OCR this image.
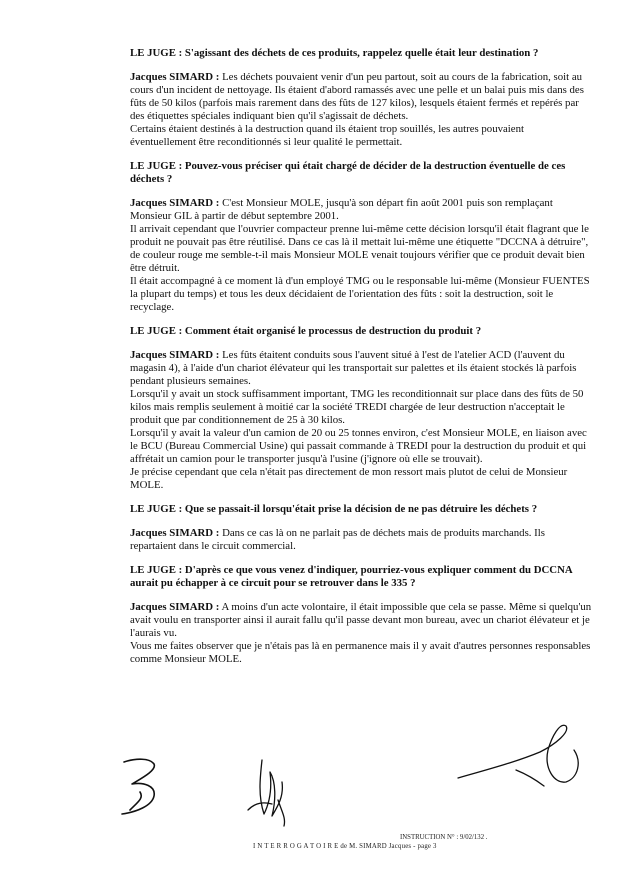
LE JUGE : S'agissant des déchets de ces produits, rappelez quelle était leur destination ?

Jacques SIMARD : Les déchets pouvaient venir d'un peu partout, soit au cours de la fabrication, soit au cours d'un incident de nettoyage. Ils étaient d'abord ramassés avec une pelle et un balai puis mis dans des fûts de 50 kilos (parfois mais rarement dans des fûts de 127 kilos), lesquels étaient fermés et repérés par des étiquettes spéciales indiquant bien qu'il s'agissait de déchets.

Certains étaient destinés à la destruction quand ils étaient trop souillés, les autres pouvaient éventuellement être reconditionnés si leur qualité le permettait.

LE JUGE : Pouvez-vous préciser qui était chargé de décider de la destruction éventuelle de ces déchets ?

Jacques SIMARD : C'est Monsieur MOLE, jusqu'à son départ fin août 2001 puis son remplaçant Monsieur GIL à partir de début septembre 2001.

Il arrivait cependant que l'ouvrier compacteur prenne lui-même cette décision lorsqu'il était flagrant que le produit ne pouvait pas être réutilisé. Dans ce cas là il mettait lui-même une étiquette "DCCNA à détruire", de couleur rouge me semble-t-il mais Monsieur MOLE venait toujours vérifier que ce produit devait bien être détruit.

Il était accompagné à ce moment là d'un employé TMG ou le responsable lui-même (Monsieur FUENTES la plupart du temps) et tous les deux décidaient de l'orientation des fûts : soit la destruction, soit le recyclage.

LE JUGE : Comment était organisé le processus de destruction du produit ?

Jacques SIMARD : Les fûts étaitent conduits sous l'auvent situé à l'est de l'atelier ACD (l'auvent du magasin 4), à l'aide d'un chariot élévateur qui les transportait sur palettes et ils étaient stockés là parfois pendant plusieurs semaines.

Lorsqu'il y avait un stock suffisamment important, TMG les reconditionnait sur place dans des fûts de 50 kilos mais remplis seulement à moitié car la société TREDI chargée de leur destruction n'acceptait le produit que par conditionnement de 25 à 30 kilos.

Lorsqu'il y avait la valeur d'un camion de 20 ou 25 tonnes environ, c'est Monsieur MOLE, en liaison avec le BCU (Bureau Commercial Usine) qui passait commande à TREDI pour la destruction du produit et qui affrétait un camion pour le transporter jusqu'à l'usine (j'ignore où elle se trouvait).

Je précise cependant que cela n'était pas directement de mon ressort mais plutot de celui de Monsieur MOLE.

LE JUGE : Que se passait-il lorsqu'était prise la décision de ne pas détruire les déchets ?

Jacques SIMARD : Dans ce cas là on ne parlait pas de déchets mais de produits marchands. Ils repartaient dans le circuit commercial.

LE JUGE : D'après ce que vous venez d'indiquer, pourriez-vous expliquer comment du DCCNA aurait pu échapper à ce circuit pour se retrouver dans le 335 ?

Jacques SIMARD : A moins d'un acte volontaire, il était impossible que cela se passe. Même si quelqu'un avait voulu en transporter ainsi il aurait fallu qu'il passe devant mon bureau, avec un chariot élévateur et je l'aurais vu.

Vous me faites observer que je n'étais pas là en permanence mais il y avait d'autres personnes responsables comme Monsieur MOLE.

INSTRUCTION N° : 9/02/132 .
I N T E R R O G A T O I R E de M. SIMARD Jacques - page 3
